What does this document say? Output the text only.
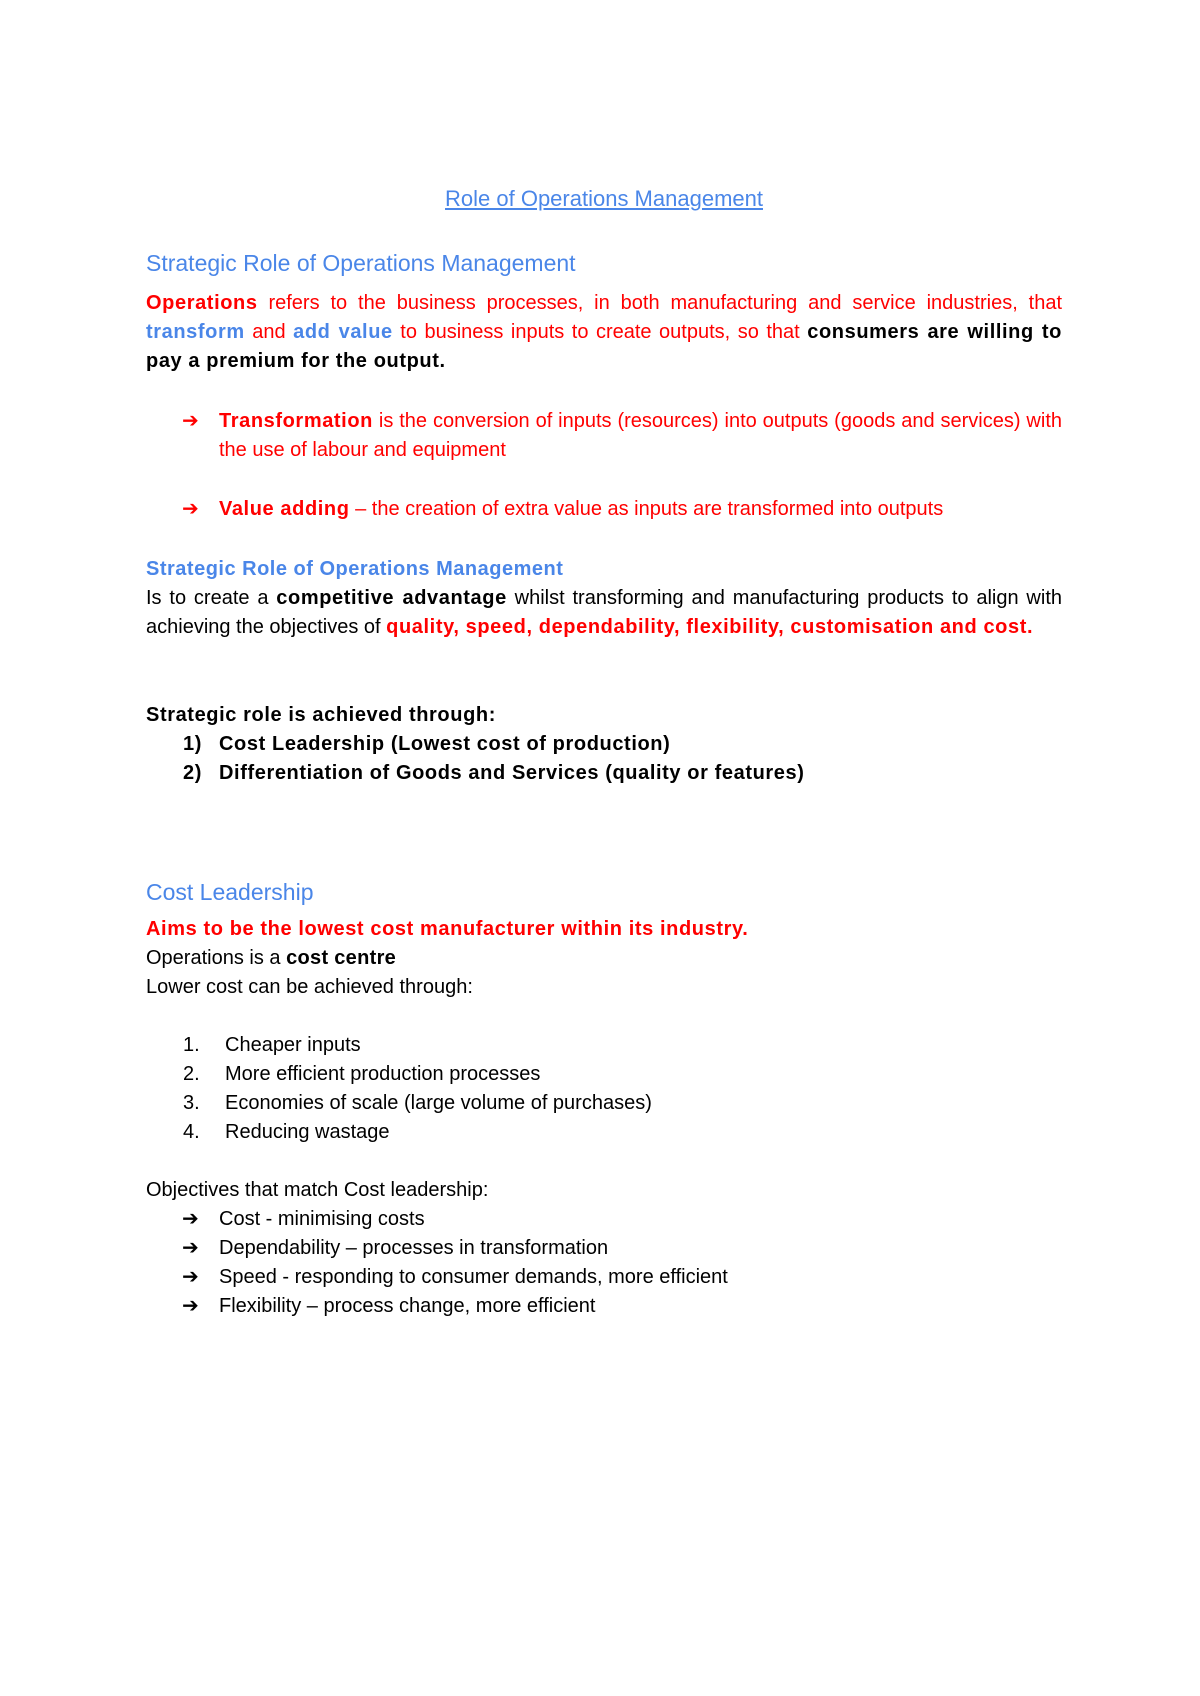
Role of Operations Management
Strategic Role of Operations Management
Operations refers to the business processes, in both manufacturing and service industries, that transform and add value to business inputs to create outputs, so that consumers are willing to pay a premium for the output.
➔	Transformation is the conversion of inputs (resources) into outputs (goods and services) with the use of labour and equipment
➔	Value adding – the creation of extra value as inputs are transformed into outputs
Strategic Role of Operations Management
Is to create a competitive advantage whilst transforming and manufacturing products to align with achieving the objectives of quality, speed, dependability, flexibility, customisation and cost.
Strategic role is achieved through:
1) Cost Leadership (Lowest cost of production)
2) Differentiation of Goods and Services (quality or features)
Cost Leadership
Aims to be the lowest cost manufacturer within its industry.
Operations is a cost centre
Lower cost can be achieved through:
1. Cheaper inputs
2. More efficient production processes
3. Economies of scale (large volume of purchases)
4. Reducing wastage
Objectives that match Cost leadership:
➔ Cost - minimising costs
➔ Dependability – processes in transformation
➔ Speed - responding to consumer demands, more efficient
➔ Flexibility – process change, more efficient
